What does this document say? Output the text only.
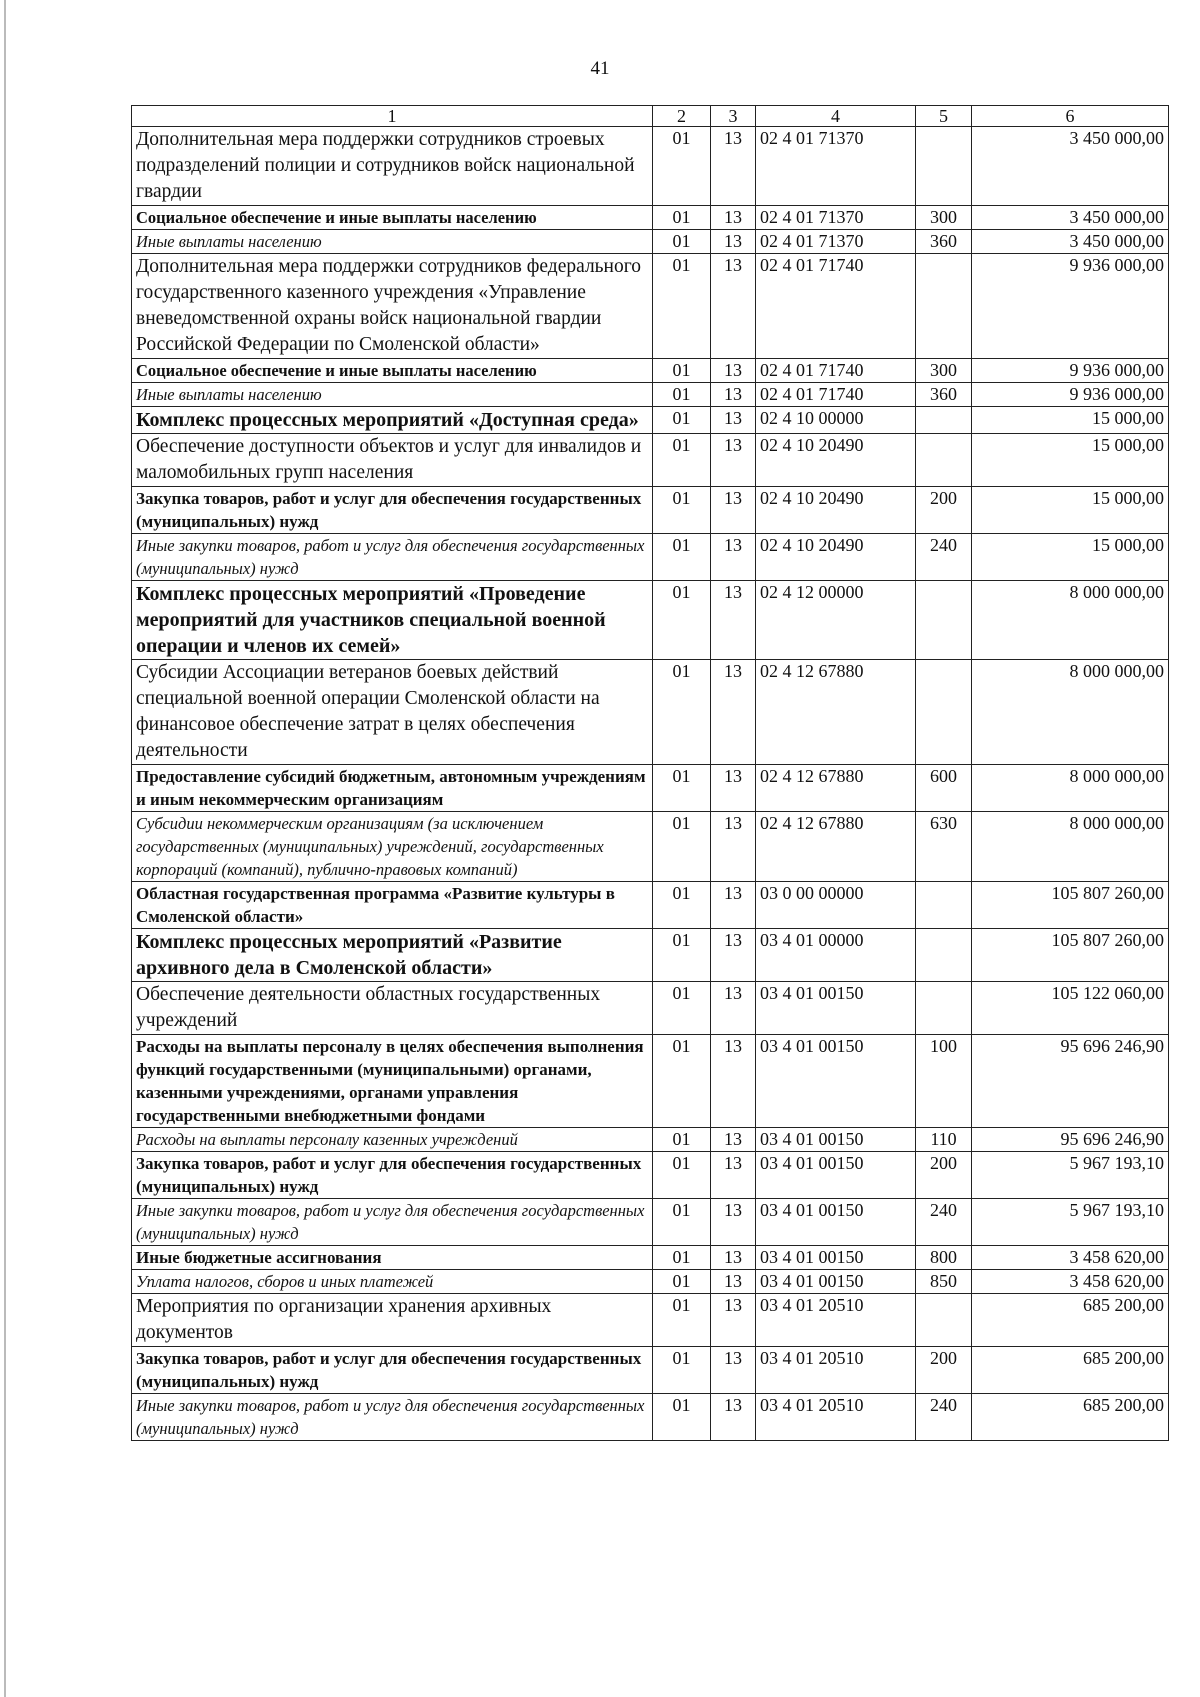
41
1	2	3	4	5	6
Дополнительная мера поддержки сотрудников строевых подразделений полиции и сотрудников войск национальной гвардии	01	13	02 4 01 71370		3 450 000,00
Социальное обеспечение и иные выплаты населению	01	13	02 4 01 71370	300	3 450 000,00
Иные выплаты населению	01	13	02 4 01 71370	360	3 450 000,00
Дополнительная мера поддержки сотрудников федерального государственного казенного учреждения «Управление вневедомственной охраны войск национальной гвардии Российской Федерации по Смоленской области»	01	13	02 4 01 71740		9 936 000,00
Социальное обеспечение и иные выплаты населению	01	13	02 4 01 71740	300	9 936 000,00
Иные выплаты населению	01	13	02 4 01 71740	360	9 936 000,00
Комплекс процессных мероприятий «Доступная среда»	01	13	02 4 10 00000		15 000,00
Обеспечение доступности объектов и услуг для инвалидов и маломобильных групп населения	01	13	02 4 10 20490		15 000,00
Закупка товаров, работ и услуг для обеспечения государственных (муниципальных) нужд	01	13	02 4 10 20490	200	15 000,00
Иные закупки товаров, работ и услуг для обеспечения государственных (муниципальных) нужд	01	13	02 4 10 20490	240	15 000,00
Комплекс процессных мероприятий «Проведение мероприятий для участников специальной военной операции и членов их семей»	01	13	02 4 12 00000		8 000 000,00
Субсидии Ассоциации ветеранов боевых действий специальной военной операции Смоленской области на финансовое обеспечение затрат в целях обеспечения деятельности	01	13	02 4 12 67880		8 000 000,00
Предоставление субсидий бюджетным, автономным учреждениям и иным некоммерческим организациям	01	13	02 4 12 67880	600	8 000 000,00
Субсидии некоммерческим организациям (за исключением государственных (муниципальных) учреждений, государственных корпораций (компаний), публично-правовых компаний)	01	13	02 4 12 67880	630	8 000 000,00
Областная государственная программа «Развитие культуры в Смоленской области»	01	13	03 0 00 00000		105 807 260,00
Комплекс процессных мероприятий «Развитие архивного дела в Смоленской области»	01	13	03 4 01 00000		105 807 260,00
Обеспечение деятельности областных государственных учреждений	01	13	03 4 01 00150		105 122 060,00
Расходы на выплаты персоналу в целях обеспечения выполнения функций государственными (муниципальными) органами, казенными учреждениями, органами управления государственными внебюджетными фондами	01	13	03 4 01 00150	100	95 696 246,90
Расходы на выплаты персоналу казенных учреждений	01	13	03 4 01 00150	110	95 696 246,90
Закупка товаров, работ и услуг для обеспечения государственных (муниципальных) нужд	01	13	03 4 01 00150	200	5 967 193,10
Иные закупки товаров, работ и услуг для обеспечения государственных (муниципальных) нужд	01	13	03 4 01 00150	240	5 967 193,10
Иные бюджетные ассигнования	01	13	03 4 01 00150	800	3 458 620,00
Уплата налогов, сборов и иных платежей	01	13	03 4 01 00150	850	3 458 620,00
Мероприятия по организации хранения архивных документов	01	13	03 4 01 20510		685 200,00
Закупка товаров, работ и услуг для обеспечения государственных (муниципальных) нужд	01	13	03 4 01 20510	200	685 200,00
Иные закупки товаров, работ и услуг для обеспечения государственных (муниципальных) нужд	01	13	03 4 01 20510	240	685 200,00
